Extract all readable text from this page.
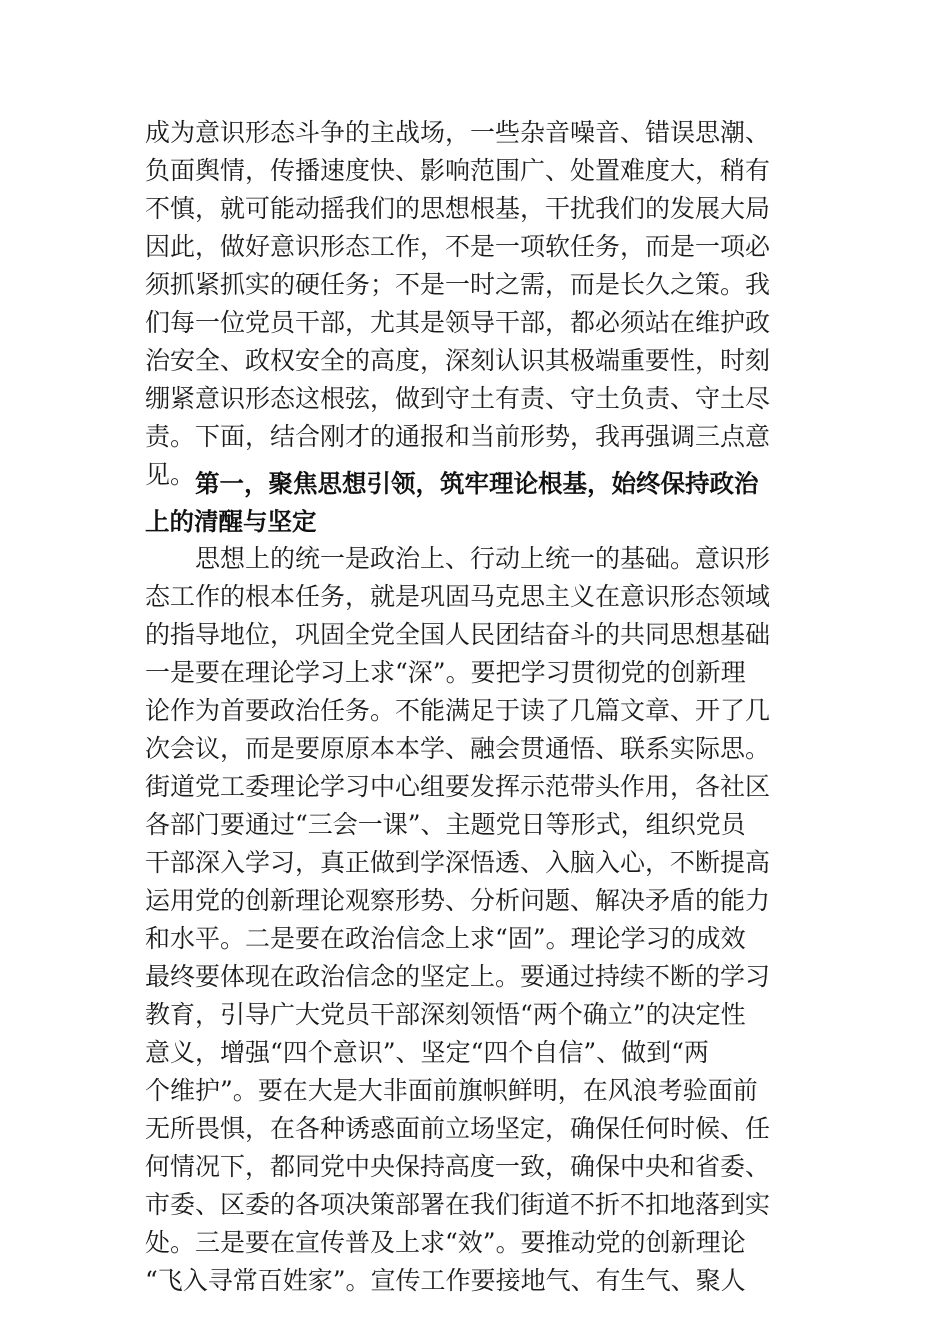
成为意识形态斗争的主战场，一些杂音噪音、错误思潮、
负面舆情，传播速度快、影响范围广、处置难度大，稍有
不慎，就可能动摇我们的思想根基，干扰我们的发展大局
因此，做好意识形态工作，不是一项软任务，而是一项必
须抓紧抓实的硬任务；不是一时之需，而是长久之策。我
们每一位党员干部，尤其是领导干部，都必须站在维护政
治安全、政权安全的高度，深刻认识其极端重要性，时刻
绷紧意识形态这根弦，做到守土有责、守土负责、守土尽
责。下面，结合刚才的通报和当前形势，我再强调三点意
见。 第一，聚焦思想引领，筑牢理论根基，始终保持政治
上的清醒与坚定
思想上的统一是政治上、行动上统一的基础。意识形
态工作的根本任务，就是巩固马克思主义在意识形态领域
的指导地位，巩固全党全国人民团结奋斗的共同思想基础
一是要在理论学习上求“深”。要把学习贯彻党的创新理
论作为首要政治任务。不能满足于读了几篇文章、开了几
次会议，而是要原原本本学、融会贯通悟、联系实际思。
街道党工委理论学习中心组要发挥示范带头作用，各社区
各部门要通过“三会一课”、主题党日等形式，组织党员
干部深入学习，真正做到学深悟透、入脑入心，不断提高
运用党的创新理论观察形势、分析问题、解决矛盾的能力
和水平。二是要在政治信念上求“固”。理论学习的成效
最终要体现在政治信念的坚定上。要通过持续不断的学习
教育，引导广大党员干部深刻领悟“两个确立”的决定性
意义，增强“四个意识”、坚定“四个自信”、做到“两
个维护”。要在大是大非面前旗帜鲜明，在风浪考验面前
无所畏惧，在各种诱惑面前立场坚定，确保任何时候、任
何情况下，都同党中央保持高度一致，确保中央和省委、
市委、区委的各项决策部署在我们街道不折不扣地落到实
处。三是要在宣传普及上求“效”。要推动党的创新理论
“飞入寻常百姓家”。宣传工作要接地气、有生气、聚人
